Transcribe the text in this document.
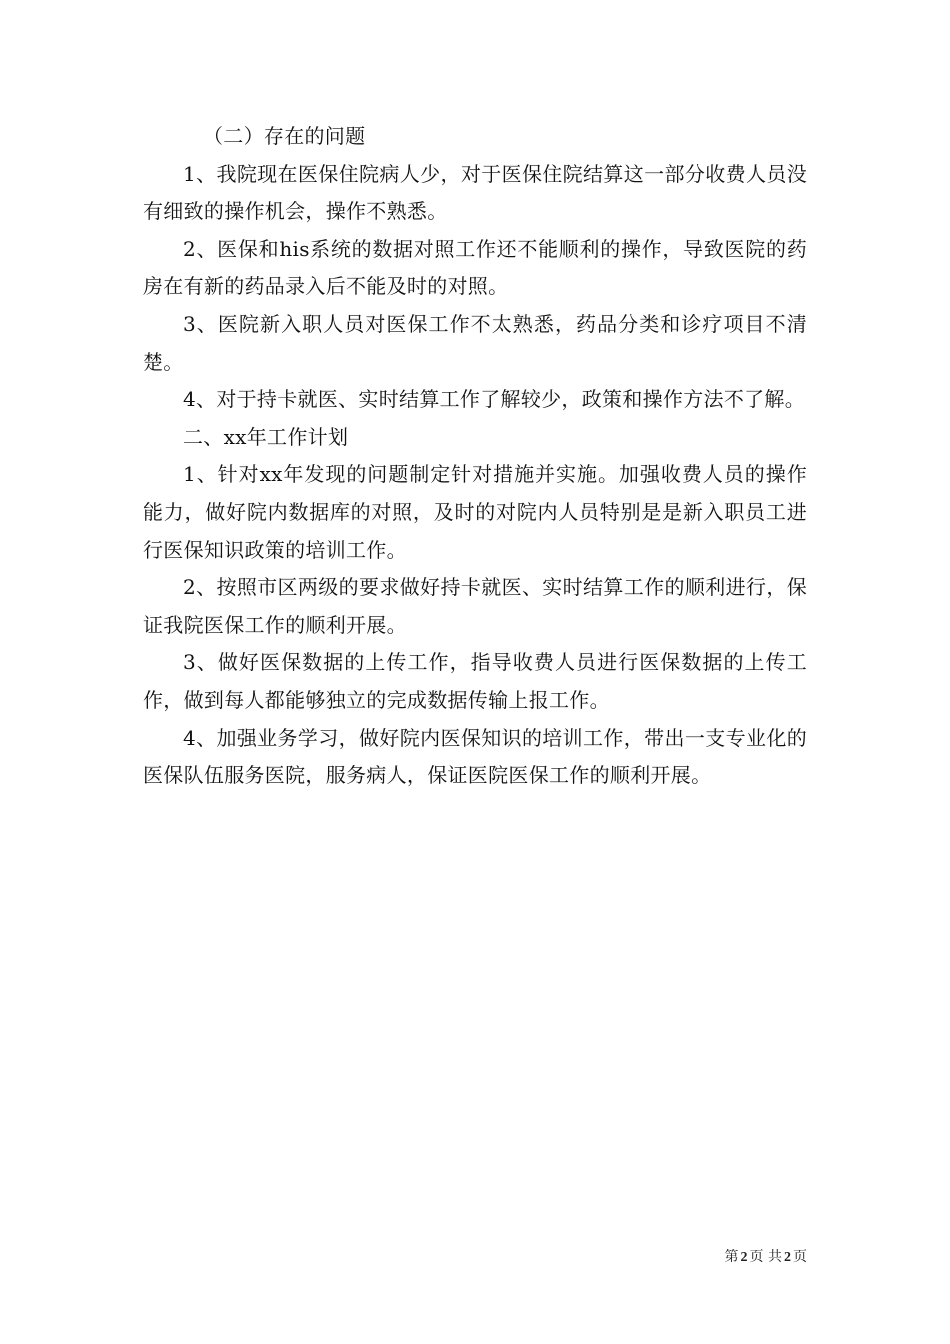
（二）存在的问题

1、我院现在医保住院病人少，对于医保住院结算这一部分收费人员没有细致的操作机会，操作不熟悉。

2、医保和his系统的数据对照工作还不能顺利的操作，导致医院的药房在有新的药品录入后不能及时的对照。

3、医院新入职人员对医保工作不太熟悉，药品分类和诊疗项目不清楚。

4、对于持卡就医、实时结算工作了解较少，政策和操作方法不了解。

二、xx年工作计划

1、针对xx年发现的问题制定针对措施并实施。加强收费人员的操作能力，做好院内数据库的对照，及时的对院内人员特别是是新入职员工进行医保知识政策的培训工作。

2、按照市区两级的要求做好持卡就医、实时结算工作的顺利进行，保证我院医保工作的顺利开展。

3、做好医保数据的上传工作，指导收费人员进行医保数据的上传工作，做到每人都能够独立的完成数据传输上报工作。

4、加强业务学习，做好院内医保知识的培训工作，带出一支专业化的医保队伍服务医院，服务病人，保证医院医保工作的顺利开展。

第 2 页 共 2 页
